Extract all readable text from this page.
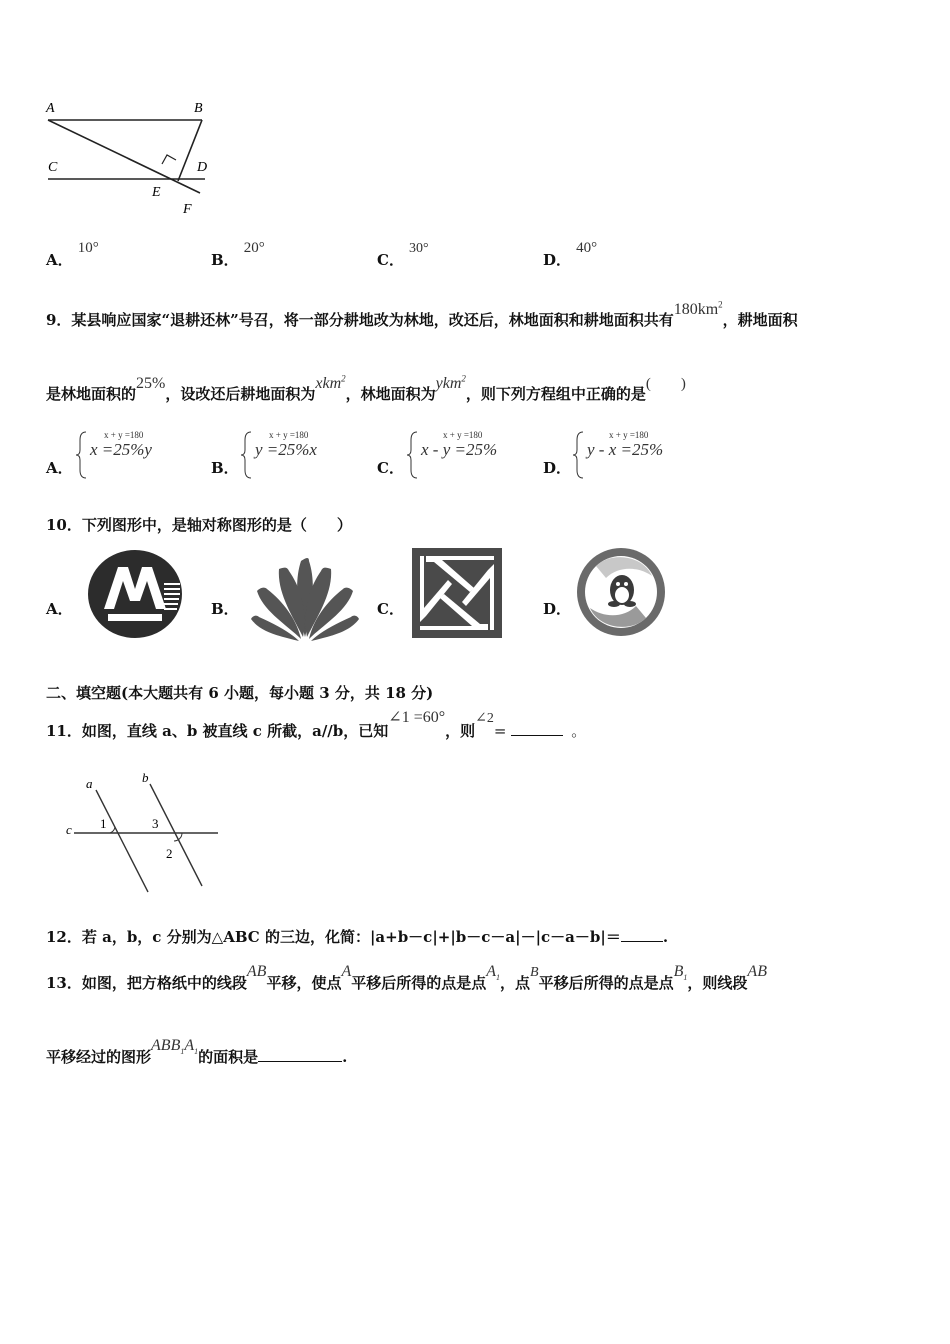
A	B
C	D
E
F
A． 10°
B． 20°
C． 30°
D． 40°
9．某县响应国家“退耕还林”号召，将一部分耕地改为林地，改还后，林地面积和耕地面积共有$180km^2$，耕地面积
是林地面积的25%，设改还后耕地面积为xkm$^2$，林地面积为ykm$^2$，则下列方程组中正确的是(　　)
A．
x + y =180
x =25%y
B．
x + y =180
y =25%x
C．
x + y =180
x - y =25%
D．
x + y =180
y - x =25%
10．下列图形中，是轴对称图形的是（　　）
A．	B．	C．	D．
二、填空题(本大题共有 6 小题，每小题 3 分，共 18 分)
11．如图，直线 a、b 被直线 c 所截，a//b，已知∠1 =60°，则∠2=	。
a	b
c 1	3
2
12．若 a，b，c 分别为△ABC 的三边，化简：|a+b－c|+|b－c－a|－|c－a－b|＝	.
13．如图，把方格纸中的线段AB平移，使点A平移后所得的点是点$A_1$，点B平移后所得的点是点$B_1$，则线段AB
平移经过的图形$ABB_1A_1$的面积是	.
